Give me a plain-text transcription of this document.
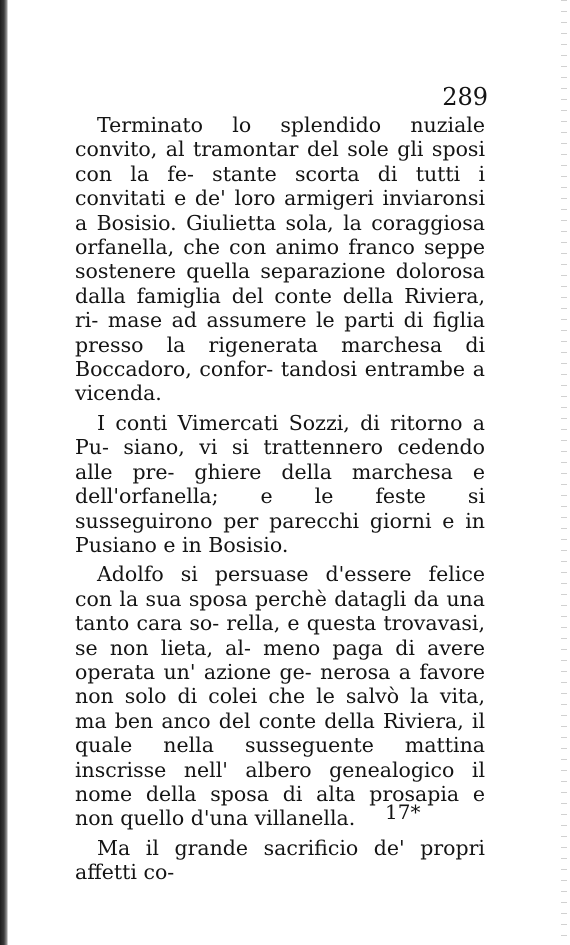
289

Terminato lo splendido nuziale convito, al tramontar del sole gli sposi con la fe- stante scorta di tutti i convitati e de' loro armigeri inviaronsi a Bosisio. Giulietta sola, la coraggiosa orfanella, che con animo franco seppe sostenere quella separazione dolorosa dalla famiglia del conte della Riviera, ri- mase ad assumere le parti di figlia presso la rigenerata marchesa di Boccadoro, confor- tandosi entrambe a vicenda.

I conti Vimercati Sozzi, di ritorno a Pu- siano, vi si trattennero cedendo alle pre- ghiere della marchesa e dell'orfanella; e le feste si susseguirono per parecchi giorni e in Pusiano e in Bosisio.

Adolfo si persuase d'essere felice con la sua sposa perchè datagli da una tanto cara so- rella, e questa trovavasi, se non lieta, al- meno paga di avere operata un' azione ge- nerosa a favore non solo di colei che le salvò la vita, ma ben anco del conte della Riviera, il quale nella susseguente mattina inscrisse nell' albero genealogico il nome della sposa di alta prosapia e non quello d'una villanella.

Ma il grande sacrificio de' propri affetti co-

17*
